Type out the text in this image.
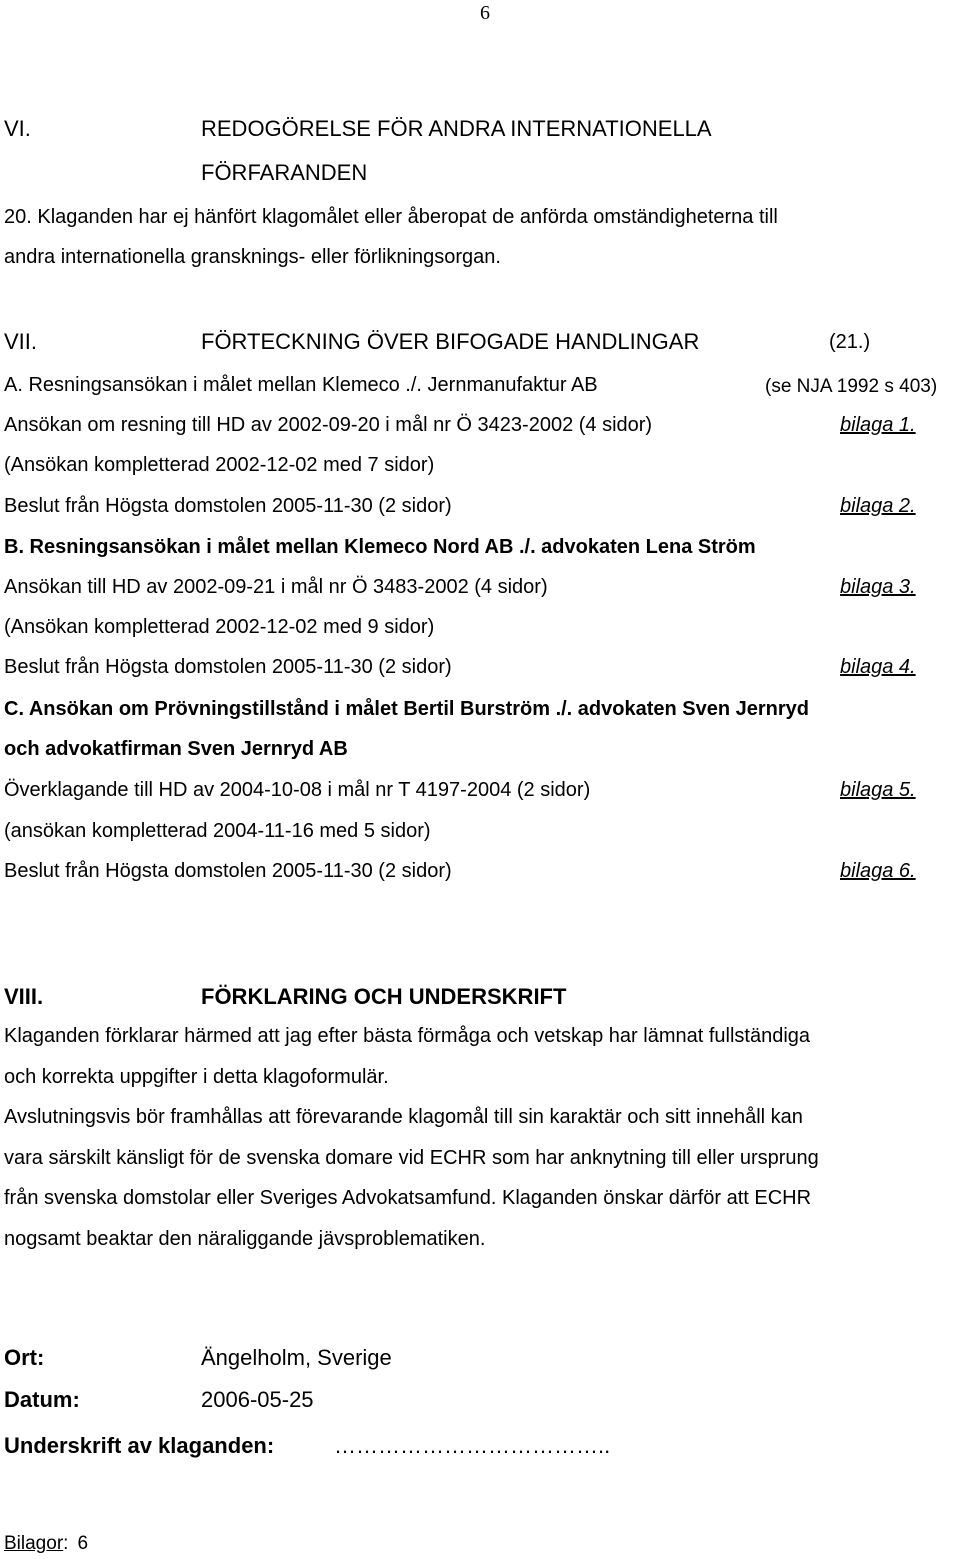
6
VI.	REDOGÖRELSE FÖR ANDRA INTERNATIONELLA
FÖRFARANDEN
20. Klaganden har ej hänfört klagomålet eller åberopat de anförda omständigheterna till
andra internationella gransknings- eller förlikningsorgan.
VII.	FÖRTECKNING ÖVER BIFOGADE HANDLINGAR	(21.)
A. Resningsansökan i målet mellan Klemeco ./. Jernmanufaktur AB	(se NJA 1992 s 403)
Ansökan om resning till HD av 2002-09-20 i mål nr Ö 3423-2002 (4 sidor)	bilaga 1.
(Ansökan kompletterad 2002-12-02 med 7 sidor)
Beslut från Högsta domstolen 2005-11-30 (2 sidor)	bilaga 2.
B. Resningsansökan i målet mellan Klemeco Nord AB ./. advokaten Lena Ström
Ansökan till HD av 2002-09-21 i mål nr Ö 3483-2002 (4 sidor)	bilaga 3.
(Ansökan kompletterad 2002-12-02 med 9 sidor)
Beslut från Högsta domstolen 2005-11-30 (2 sidor)	bilaga 4.
C. Ansökan om Prövningstillstånd i målet Bertil Burström ./. advokaten Sven Jernryd
och advokatfirman Sven Jernryd AB
Överklagande till HD av 2004-10-08 i mål nr T 4197-2004 (2 sidor)	bilaga 5.
(ansökan kompletterad 2004-11-16 med 5 sidor)
Beslut från Högsta domstolen 2005-11-30 (2 sidor)	bilaga 6.
VIII.	FÖRKLARING OCH UNDERSKRIFT
Klaganden förklarar härmed att jag efter bästa förmåga och vetskap har lämnat fullständiga
och korrekta uppgifter i detta klagoformulär.
Avslutningsvis bör framhållas att förevarande klagomål till sin karaktär och sitt innehåll kan
vara särskilt känsligt för de svenska domare vid ECHR som har anknytning till eller ursprung
från svenska domstolar eller Sveriges Advokatsamfund. Klaganden önskar därför att ECHR
nogsamt beaktar den näraliggande jävsproblematiken.
Ort:	Ängelholm, Sverige
Datum:	2006-05-25
Underskrift av klaganden:	………………………………..
Bilagor: 6
